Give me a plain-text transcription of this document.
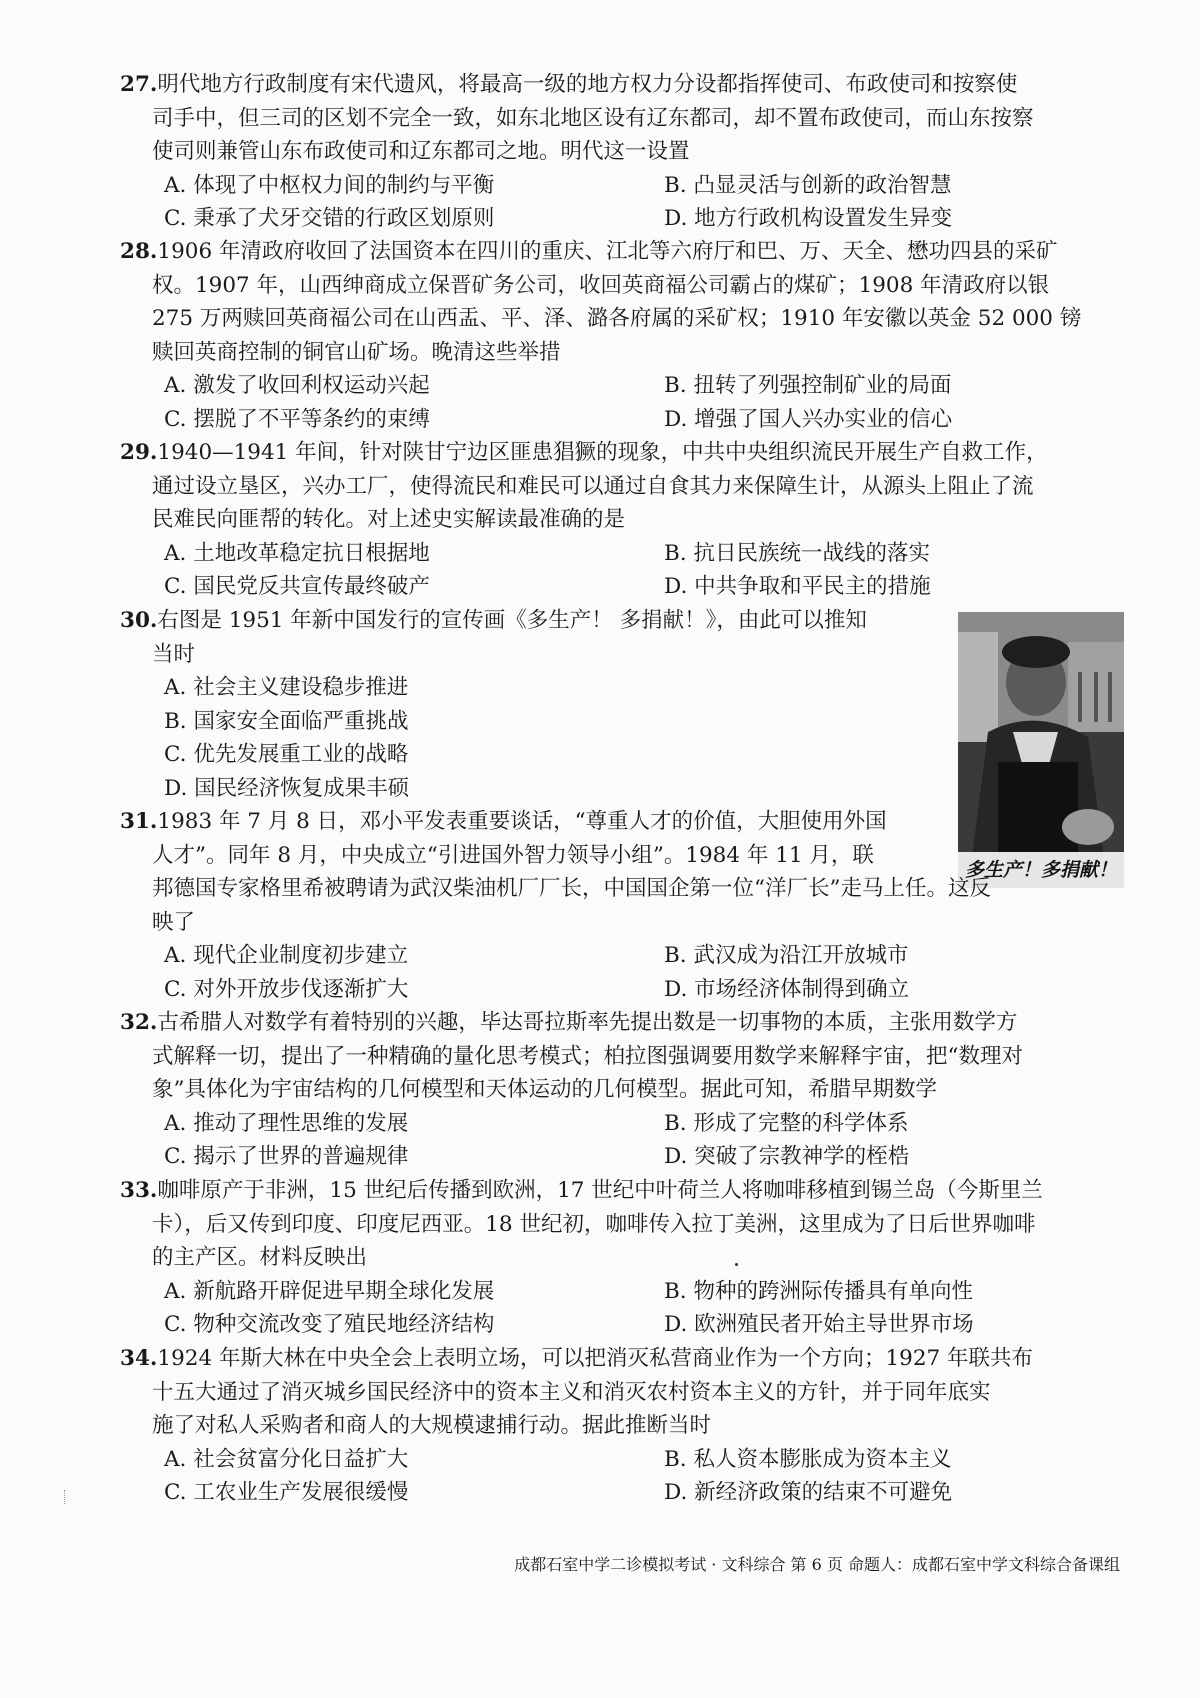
27.明代地方行政制度有宋代遗风，将最高一级的地方权力分设都指挥使司、布政使司和按察使
司手中，但三司的区划不完全一致，如东北地区设有辽东都司，却不置布政使司，而山东按察
使司则兼管山东布政使司和辽东都司之地。明代这一设置
A. 体现了中枢权力间的制约与平衡	B. 凸显灵活与创新的政治智慧
C. 秉承了犬牙交错的行政区划原则	D. 地方行政机构设置发生异变
28.1906 年清政府收回了法国资本在四川的重庆、江北等六府厅和巴、万、天全、懋功四县的采矿
权。1907 年，山西绅商成立保晋矿务公司，收回英商福公司霸占的煤矿；1908 年清政府以银
275 万两赎回英商福公司在山西盂、平、泽、潞各府属的采矿权；1910 年安徽以英金 52 000 镑
赎回英商控制的铜官山矿场。晚清这些举措
A. 激发了收回利权运动兴起	B. 扭转了列强控制矿业的局面
C. 摆脱了不平等条约的束缚	D. 增强了国人兴办实业的信心
29.1940—1941 年间，针对陕甘宁边区匪患猖獗的现象，中共中央组织流民开展生产自救工作，
通过设立垦区，兴办工厂，使得流民和难民可以通过自食其力来保障生计，从源头上阻止了流
民难民向匪帮的转化。对上述史实解读最准确的是
A. 土地改革稳定抗日根据地	B. 抗日民族统一战线的落实
C. 国民党反共宣传最终破产	D. 中共争取和平民主的措施
30.右图是 1951 年新中国发行的宣传画《多生产！ 多捐献！》，由此可以推知
当时
A. 社会主义建设稳步推进
B. 国家安全面临严重挑战
C. 优先发展重工业的战略
D. 国民经济恢复成果丰硕
多生产！多捐献！
31.1983 年 7 月 8 日，邓小平发表重要谈话，“尊重人才的价值，大胆使用外国
人才”。同年 8 月，中央成立“引进国外智力领导小组”。1984 年 11 月，联
邦德国专家格里希被聘请为武汉柴油机厂厂长，中国国企第一位“洋厂长”走马上任。这反
映了
A. 现代企业制度初步建立	B. 武汉成为沿江开放城市
C. 对外开放步伐逐渐扩大	D. 市场经济体制得到确立
32.古希腊人对数学有着特别的兴趣，毕达哥拉斯率先提出数是一切事物的本质，主张用数学方
式解释一切，提出了一种精确的量化思考模式；柏拉图强调要用数学来解释宇宙，把“数理对
象”具体化为宇宙结构的几何模型和天体运动的几何模型。据此可知，希腊早期数学
A. 推动了理性思维的发展	B. 形成了完整的科学体系
C. 揭示了世界的普遍规律	D. 突破了宗教神学的桎梏
33.咖啡原产于非洲，15 世纪后传播到欧洲，17 世纪中叶荷兰人将咖啡移植到锡兰岛（今斯里兰
卡），后又传到印度、印度尼西亚。18 世纪初，咖啡传入拉丁美洲，这里成为了日后世界咖啡
的主产区。材料反映出
A. 新航路开辟促进早期全球化发展	B. 物种的跨洲际传播具有单向性
C. 物种交流改变了殖民地经济结构	D. 欧洲殖民者开始主导世界市场
34.1924 年斯大林在中央全会上表明立场，可以把消灭私营商业作为一个方向；1927 年联共布
十五大通过了消灭城乡国民经济中的资本主义和消灭农村资本主义的方针，并于同年底实
施了对私人采购者和商人的大规模逮捕行动。据此推断当时
A. 社会贫富分化日益扩大	B. 私人资本膨胀成为资本主义
C. 工农业生产发展很缓慢	D. 新经济政策的结束不可避免
成都石室中学二诊模拟考试 · 文科综合 第 6 页 命题人：成都石室中学文科综合备课组
